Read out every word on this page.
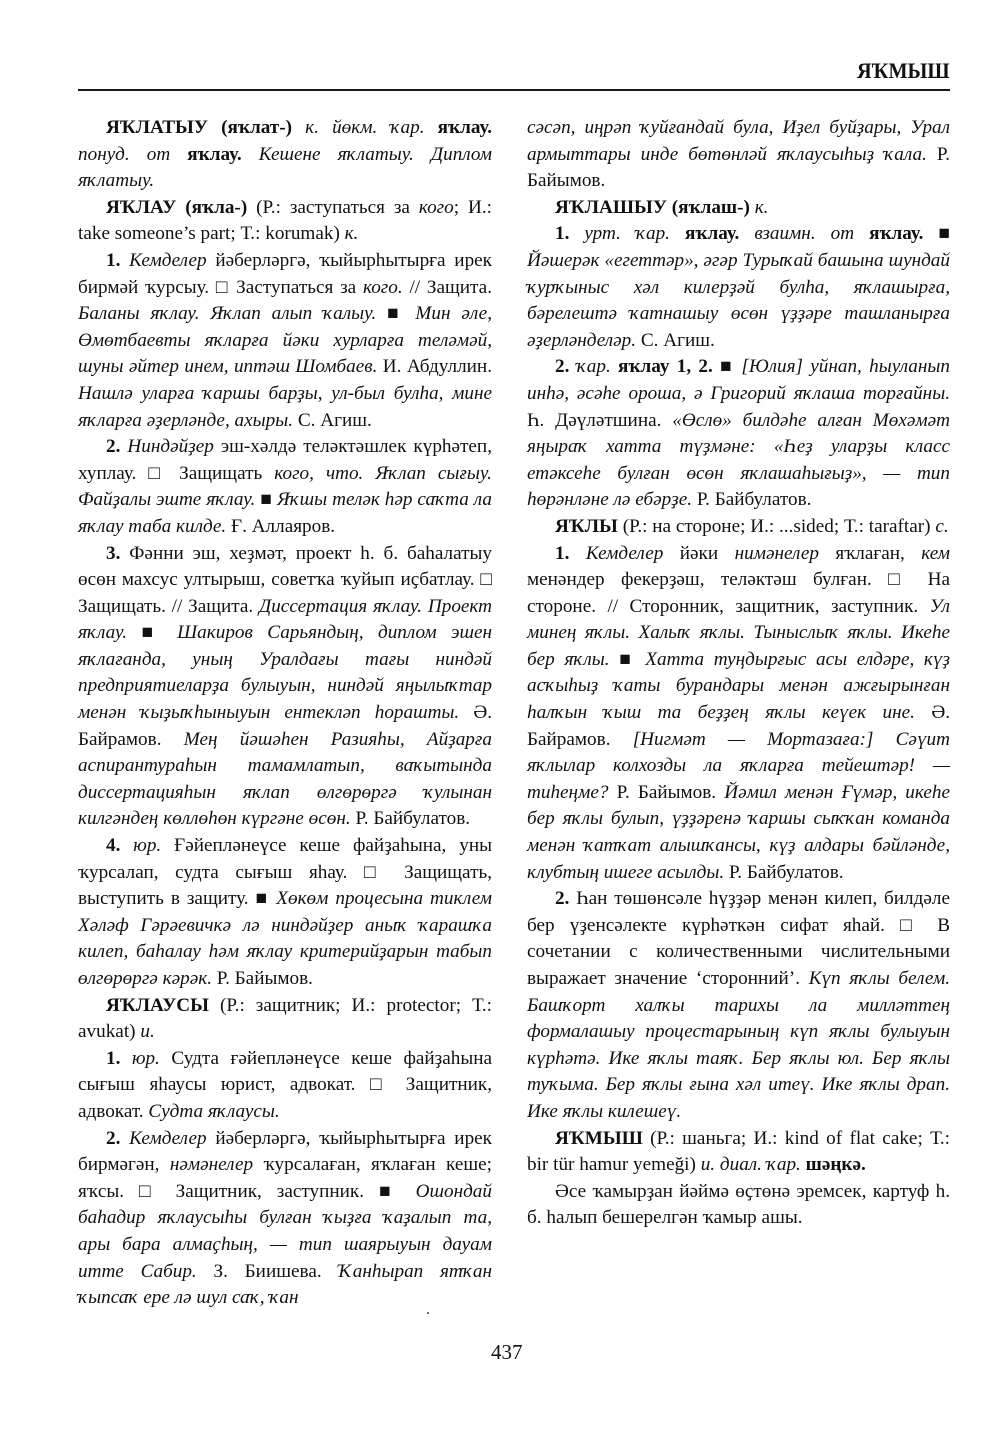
ЯҠМЫШ

ЯҠЛАТЫУ (яҡлат-) к. йөкм. ҡар. яҡлау. понуд. от яҡлау. Кешене яҡлатыу. Диплом яҡлатыу.

ЯҠЛАУ (яҡла-) (Р.: заступаться за кого; И.: take someone’s part; Т.: korumak) к.

1. Кемделер йәберләргә, ҡыйырһытырға ирек бирмәй ҡурсыу. □ Заступаться за кого. // Защита. Баланы яҡлау. Яҡлап алып ҡалыу. ■ Мин әле, Өмөтбаевты яҡларға йәки хурларға теләмәй, шуны әйтер инем, иптәш Шомбаев. И. Абдуллин. Нашлә уларға ҡаршы барҙы, ул-был булһа, мине яҡларға әҙерләнде, ахыры. С. Агиш.

2. Ниндәйҙер эш-хәлдә теләктәшлек күрһәтеп, хуплау. □ Защищать кого, что. Яҡлап сығыу. Файҙалы эште яҡлау. ■ Яҡшы теләк һәр саҡта ла яҡлау таба килде. Ғ. Аллаяров.

3. Фәнни эш, хеҙмәт, проект һ. б. баһалатыу өсөн махсус ултырыш, советҡа ҡуйып иҫбатлау. □ Защищать. // Защита. Диссертация яҡлау. Проект яҡлау. ■ Шакиров Сарьяндың, диплом эшен яҡлағанда, уның Уралдағы тағы ниндәй предприятиеларҙа булыуын, ниндәй яңылыҡтар менән ҡыҙыҡһыныуын ентекләп һорашты. Ә. Байрамов. Мең йәшәһен Разияһы, Айҙарға аспирантураһын тамамлатып, ваҡытында диссертацияһын яҡлап өлгөрөргә ҡулынан килгәндең көллөһөн күргәне өсөн. Р. Байбулатов.

4. юр. Ғәйепләнеүсе кеше файҙаһына, уны ҡурсалап, судта сығыш яһау. □ Защищать, выступить в защиту. ■ Хөкөм процесына тиклем Хәләф Гәрәевичкә лә ниндәйҙер аныҡ ҡарашҡа килеп, баһалау һәм яҡлау критерийҙарын табып өлгөрөргә кәрәк. Р. Байымов.

ЯҠЛАУСЫ (Р.: защитник; И.: protector; Т.: avukat) и.

1. юр. Судта ғәйепләнеүсе кеше файҙаһына сығыш яһаусы юрист, адвокат. □ Защитник, адвокат. Судта яҡлаусы.

2. Кемделер йәберләргә, ҡыйырһытырға ирек бирмәгән, нәмәнелер ҡурсалаған, яҡлаған кеше; яҡсы. □ Защитник, заступник. ■ Ошондай баһадир яҡлаусыһы булған ҡыҙға ҡаҙалып та, ары бара алмаҫһың, — тип шаярыуын дауам итте Сабир. З. Биишева. Ҡанһырап ятҡан ҡыпсаҡ ере лә шул саҡ, ҡан

сәсәп, иңрәп ҡуйғандай була, Иҙел буйҙары, Урал армыттары инде бөтөнләй яҡлаусыһыҙ ҡала. Р. Байымов.

ЯҠЛАШЫУ (яҡлаш-) к.

1. урт. ҡар. яҡлау. взаимн. от яҡлау. ■ Йәшерәк «егеттәр», әгәр Турыҡай башына шундай ҡурҡыныс хәл килерҙәй булһа, яҡлашырға, бәрелештә ҡатнашыу өсөн үҙҙәре ташланырға әҙерләнделәр. С. Агиш.

2. ҡар. яҡлау 1, 2. ■ [Юлия] уйнап, һыуланып инһә, әсәһе ороша, ә Григорий яҡлаша торғайны. Һ. Дәүләтшина. «Өслө» билдәһе алған Мөхәмәт яңыраҡ хатта түҙмәне: «Һеҙ уларҙы класс етәксеһе булған өсөн яҡлашаһығыҙ», — тип һөрәнләне лә ебәрҙе. Р. Байбулатов.

ЯҠЛЫ (Р.: на стороне; И.: ...sided; Т.: taraftar) с.

1. Кемделер йәки нимәнелер яҡлаған, кем менәндер фекерҙәш, теләктәш булған. □ На стороне. // Сторонник, защитник, заступник. Ул минең яҡлы. Халыҡ яҡлы. Тыныслыҡ яҡлы. Икеһе бер яҡлы. ■ Хатта туңдырғыс асы елдәре, күҙ асҡыһыҙ ҡаты бурандары менән ажғырынған һалҡын ҡыш та беҙҙең яҡлы кеүек ине. Ә. Байрамов. [Нигмәт — Мортазаға:] Сәүит яҡлылар колхозды ла яҡларға тейештәр! — тиһеңме? Р. Байымов. Йәмил менән Ғүмәр, икеһе бер яҡлы булып, үҙҙәренә ҡаршы сыҡҡан команда менән ҡатҡат алышҡансы, күҙ алдары бәйләнде, клубтың ишеге асылды. Р. Байбулатов.

2. Һан төшөнсәле һүҙҙәр менән килеп, билдәле бер үҙенсәлекте күрһәткән сифат яһай. □ В сочетании с количественными числительными выражает значение ‘сторонний’. Күп яҡлы белем. Башҡорт халҡы тарихы ла милләттең формалашыу процестарының күп яҡлы булыуын күрһәтә. Ике яҡлы таяҡ. Бер яҡлы юл. Бер яҡлы туҡыма. Бер яҡлы ғына хәл итеү. Ике яҡлы драп. Ике яҡлы килешеү.

ЯҠМЫШ (Р.: шаньга; И.: kind of flat cake; Т.: bir tür hamur yemeği) и. диал. ҡар. шәңкә.

Әсе ҡамырҙан йәймә өҫтөнә эремсек, картуф һ. б. һалып бешерелгән ҡамыр ашы.

437
